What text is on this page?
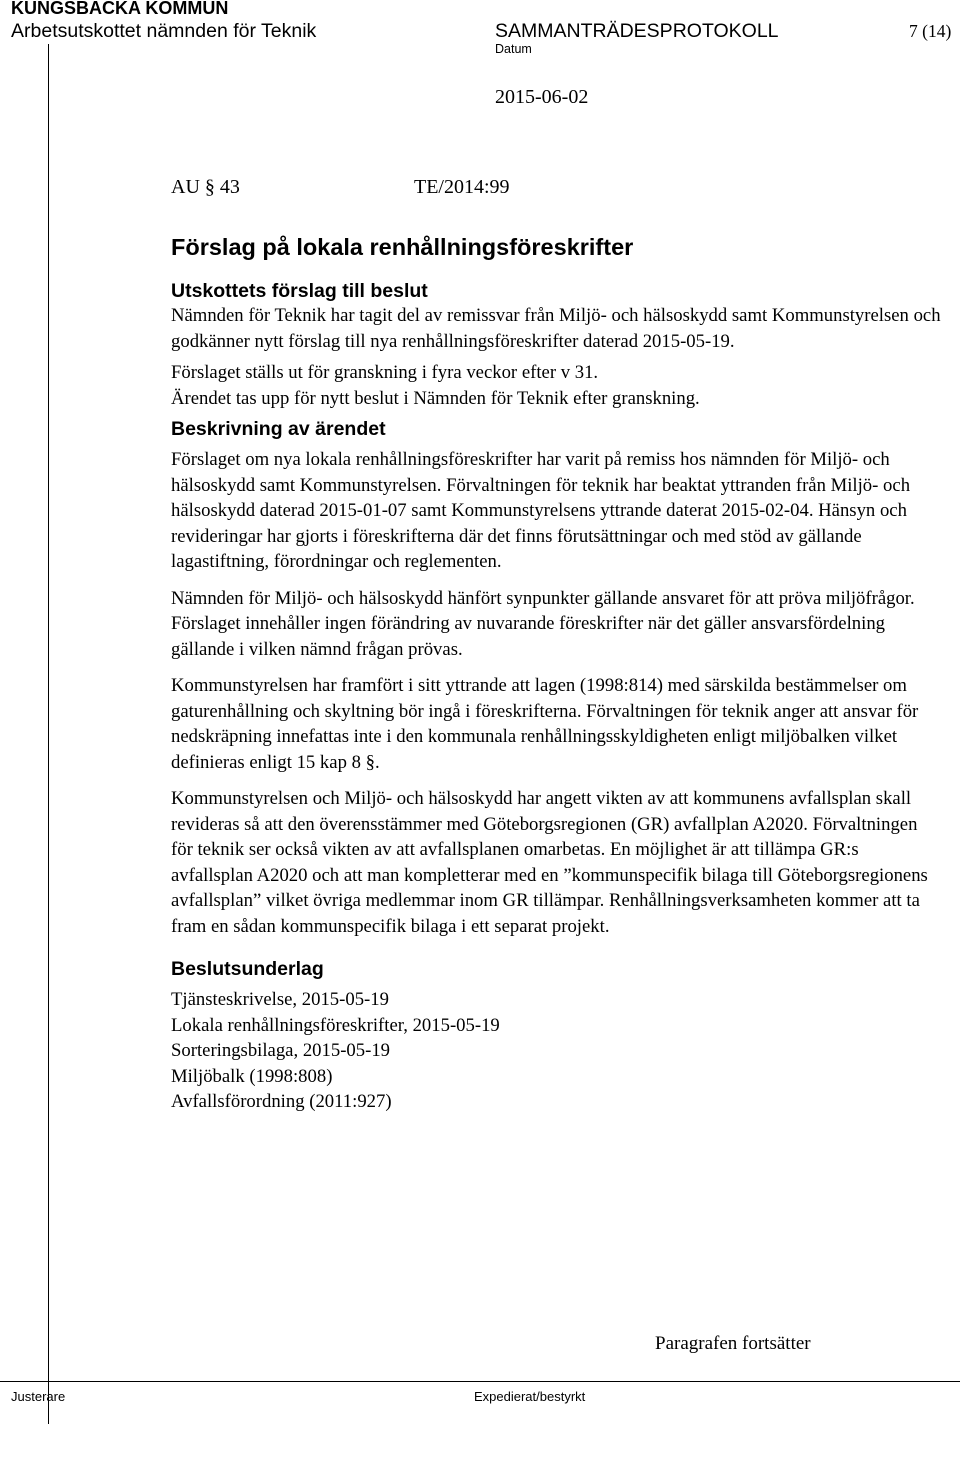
KUNGSBACKA KOMMUN
Arbetsutskottet nämnden för Teknik	SAMMANTRÄDESPROTOKOLL	7 (14)
Datum
2015-06-02
AU § 43	TE/2014:99
Förslag på lokala renhållningsföreskrifter
Utskottets förslag till beslut

Nämnden för Teknik har tagit del av remissvar från Miljö- och hälsoskydd samt Kommunstyrelsen och godkänner nytt förslag till nya renhållningsföreskrifter daterad 2015-05-19.

Förslaget ställs ut för granskning i fyra veckor efter v 31.

Ärendet tas upp för nytt beslut i Nämnden för Teknik efter granskning.

Beskrivning av ärendet

Förslaget om nya lokala renhållningsföreskrifter har varit på remiss hos nämnden för Miljö- och hälsoskydd samt Kommunstyrelsen. Förvaltningen för teknik har beaktat yttranden från Miljö- och hälsoskydd daterad 2015-01-07 samt Kommunstyrelsens yttrande daterat 2015-02-04. Hänsyn och revideringar har gjorts i föreskrifterna där det finns förutsättningar och med stöd av gällande lagastiftning, förordningar och reglementen.

Nämnden för Miljö- och hälsoskydd hänfört synpunkter gällande ansvaret för att pröva miljöfrågor. Förslaget innehåller ingen förändring av nuvarande föreskrifter när det gäller ansvarsfördelning gällande i vilken nämnd frågan prövas.

Kommunstyrelsen har framfört i sitt yttrande att lagen (1998:814) med särskilda bestämmelser om gaturenhållning och skyltning bör ingå i föreskrifterna. Förvaltningen för teknik anger att ansvar för nedskräpning innefattas inte i den kommunala renhållningsskyldigheten enligt miljöbalken vilket definieras enligt 15 kap 8 §.

Kommunstyrelsen och Miljö- och hälsoskydd har angett vikten av att kommunens avfallsplan skall revideras så att den överensstämmer med Göteborgsregionen (GR) avfallplan A2020. Förvaltningen för teknik ser också vikten av att avfallsplanen omarbetas. En möjlighet är att tillämpa GR:s avfallsplan A2020 och att man kompletterar med en ”kommunspecifik bilaga till Göteborgsregionens avfallsplan” vilket övriga medlemmar inom GR tillämpar. Renhållningsverksamheten kommer att ta fram en sådan kommunspecifik bilaga i ett separat projekt.

Beslutsunderlag
Tjänsteskrivelse, 2015-05-19
Lokala renhållningsföreskrifter, 2015-05-19
Sorteringsbilaga, 2015-05-19
Miljöbalk (1998:808)
Avfallsförordning (2011:927)
Paragrafen fortsätter
Justerare	Expedierat/bestyrkt
